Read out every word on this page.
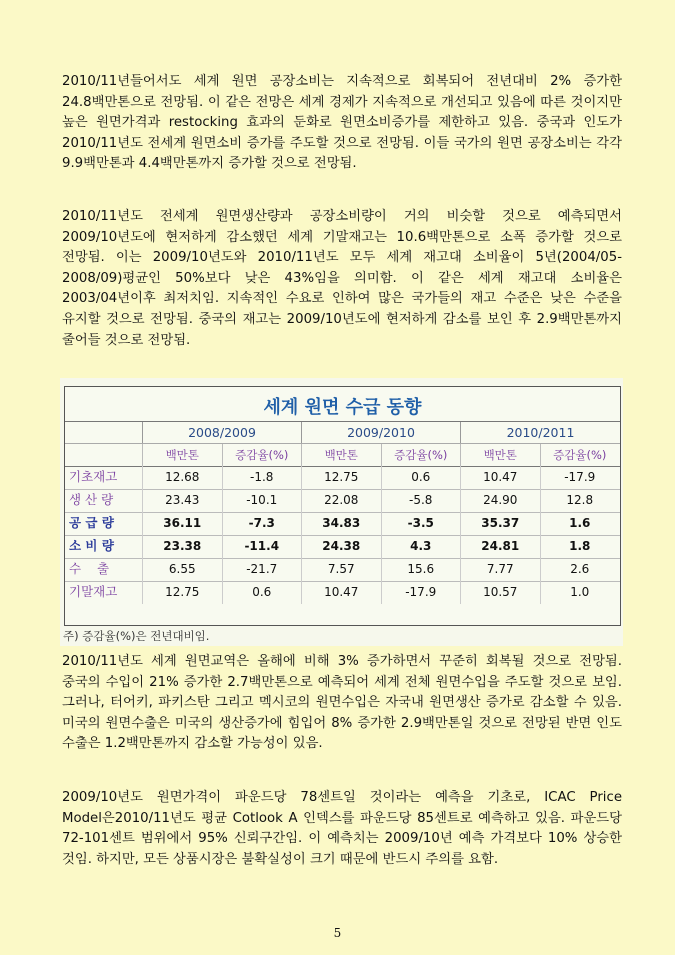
2010/11년들어서도 세계 원면 공장소비는 지속적으로 회복되어 전년대비 2% 증가한 24.8백만톤으로 전망됨. 이 같은 전망은 세계 경제가 지속적으로 개선되고 있음에 따른 것이지만 높은 원면가격과 restocking 효과의 둔화로 원면소비증가를 제한하고 있음. 중국과 인도가 2010/11년도 전세계 원면소비 증가를 주도할 것으로 전망됨. 이들 국가의 원면 공장소비는 각각 9.9백만톤과 4.4백만톤까지 증가할 것으로 전망됨.

2010/11년도 전세계 원면생산량과 공장소비량이 거의 비슷할 것으로 예측되면서 2009/10년도에 현저하게 감소했던 세계 기말재고는 10.6백만톤으로 소폭 증가할 것으로 전망됨. 이는 2009/10년도와 2010/11년도 모두 세계 재고대 소비율이 5년(2004/05-2008/09)평균인 50%보다 낮은 43%임을 의미함. 이 같은 세계 재고대 소비율은 2003/04년이후 최저치임. 지속적인 수요로 인하여 많은 국가들의 재고 수준은 낮은 수준을 유지할 것으로 전망됨. 중국의 재고는 2009/10년도에 현저하게 감소를 보인 후 2.9백만톤까지 줄어들 것으로 전망됨.

세계 원면 수급 동향
2008/2009	2009/2010	2010/2011
백만톤	증감율(%)	백만톤	증감율(%)	백만톤	증감율(%)
기초재고	12.68	-1.8	12.75	0.6	10.47	-17.9
생 산 량	23.43	-10.1	22.08	-5.8	24.90	12.8
공 급 량	36.11	-7.3	34.83	-3.5	35.37	1.6
소 비 량	23.38	-11.4	24.38	4.3	24.81	1.8
수    출	6.55	-21.7	7.57	15.6	7.77	2.6
기말재고	12.75	0.6	10.47	-17.9	10.57	1.0
주) 증감율(%)은 전년대비임.

2010/11년도 세계 원면교역은 올해에 비해 3% 증가하면서 꾸준히 회복될 것으로 전망됨. 중국의 수입이 21% 증가한 2.7백만톤으로 예측되어 세계 전체 원면수입을 주도할 것으로 보임. 그러나, 터어키, 파키스탄 그리고 멕시코의 원면수입은 자국내 원면생산 증가로 감소할 수 있음. 미국의 원면수출은 미국의 생산증가에 힘입어 8% 증가한 2.9백만톤일 것으로 전망된 반면 인도 수출은 1.2백만톤까지 감소할 가능성이 있음.

2009/10년도 원면가격이 파운드당 78센트일 것이라는 예측을 기초로, ICAC Price Model은2010/11년도 평균 Cotlook A 인덱스를 파운드당 85센트로 예측하고 있음. 파운드당 72-101센트 범위에서 95% 신뢰구간임. 이 예측치는 2009/10년 예측 가격보다 10% 상승한 것임. 하지만, 모든 상품시장은 불확실성이 크기 때문에 반드시 주의를 요함.

5
